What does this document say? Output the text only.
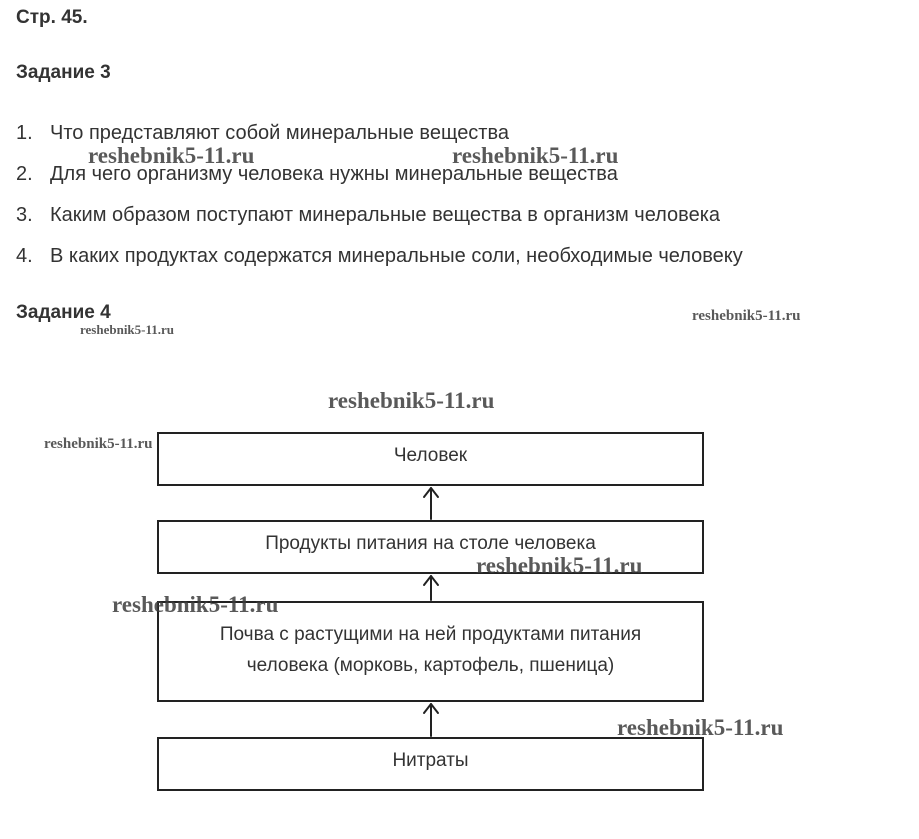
Стр. 45.
Задание 3
1. Что представляют собой минеральные вещества
2. Для чего организму человека нужны минеральные вещества
3. Каким образом поступают минеральные вещества в организм человека
4. В каких продуктах содержатся минеральные соли, необходимые человеку
Задание 4
Человек
Продукты питания на столе человека
Почва с растущими на ней продуктами питания
человека (морковь, картофель, пшеница)
Нитраты
reshebnik5-11.ru	reshebnik5-11.ru
reshebnik5-11.ru
reshebnik5-11.ru
reshebnik5-11.ru
reshebnik5-11.ru
reshebnik5-11.ru
reshebnik5-11.ru
reshebnik5-11.ru
